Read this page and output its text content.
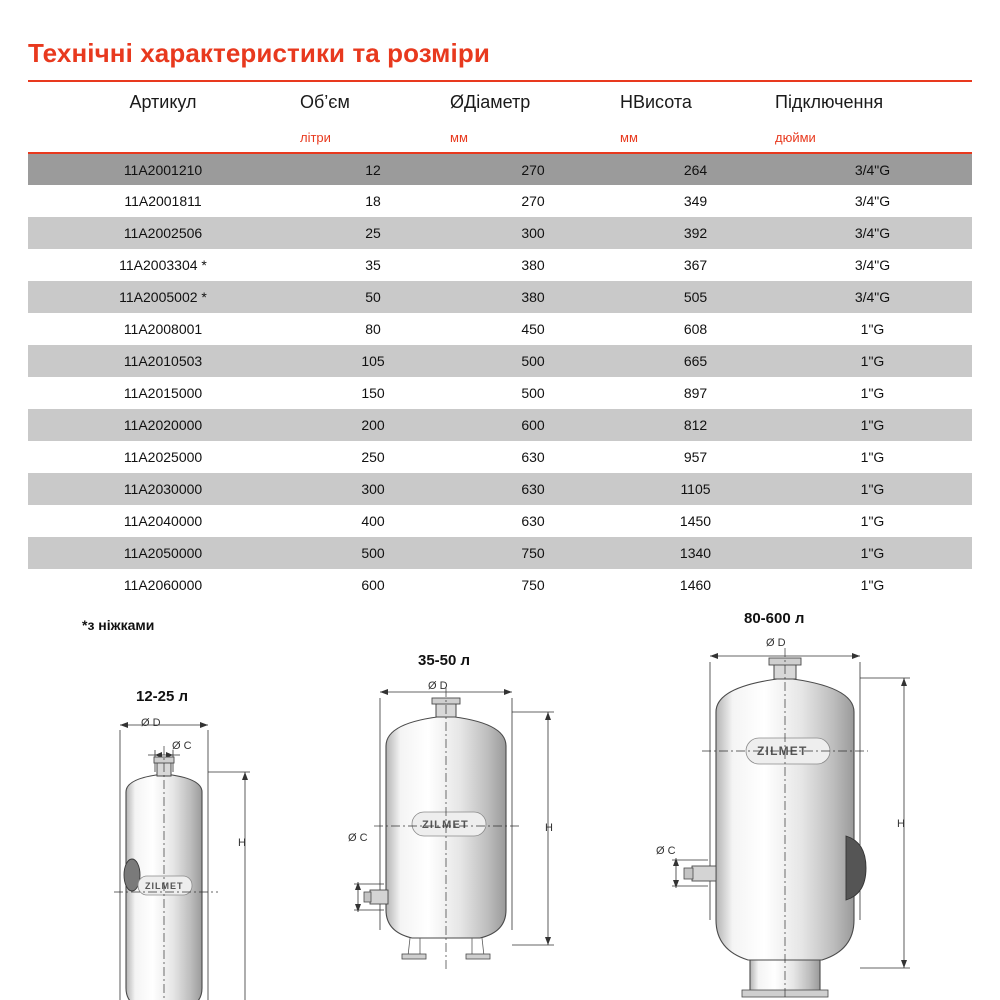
Технічні характеристики та розміри
Артикул	Об’єм	ØДіаметр	HВисота	Підключення
	літри	мм	мм	дюйми
11A2001210	12	270	264	3/4"G
11A2001811	18	270	349	3/4"G
11A2002506	25	300	392	3/4"G
11A2003304 *	35	380	367	3/4"G
11A2005002 *	50	380	505	3/4"G
11A2008001	80	450	608	1"G
11A2010503	105	500	665	1"G
11A2015000	150	500	897	1"G
11A2020000	200	600	812	1"G
11A2025000	250	630	957	1"G
11A2030000	300	630	1105	1"G
11A2040000	400	630	1450	1"G
11A2050000	500	750	1340	1"G
11A2060000	600	750	1460	1"G
*з ніжками
12-25 л
Ø D
Ø C
H
ZILMET
35-50 л
Ø D
Ø C
H
ZILMET
80-600 л
Ø D
Ø C
H
ZILMET
